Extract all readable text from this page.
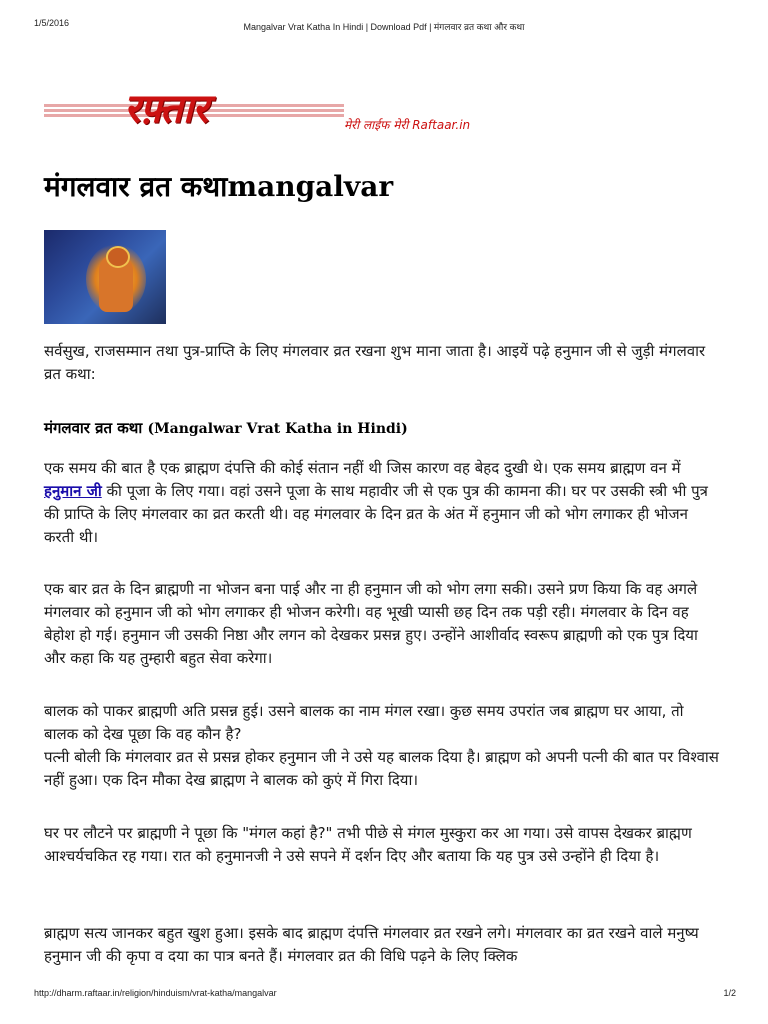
1/5/2016	Mangalvar Vrat Katha In Hindi | Download Pdf | मंगलवार व्रत कथा और कथा
रफ़्तार	मेरी लाईफ मेरी Raftaar.in
मंगलवार व्रत कथाmangalvar

सर्वसुख, राजसम्मान तथा पुत्र-प्राप्ति के लिए मंगलवार व्रत रखना शुभ माना जाता है। आइयें पढ़े हनुमान जी से जुड़ी मंगलवार व्रत कथा:

मंगलवार व्रत कथा (Mangalwar Vrat Katha in Hindi)

एक समय की बात है एक ब्राह्मण दंपत्ति की कोई संतान नहीं थी जिस कारण वह बेहद दुखी थे। एक समय ब्राह्मण वन में हनुमान जी की पूजा के लिए गया। वहां उसने पूजा के साथ महावीर जी से एक पुत्र की कामना की। घर पर उसकी स्त्री भी पुत्र की प्राप्ति के लिए मंगलवार का व्रत करती थी। वह मंगलवार के दिन व्रत के अंत में हनुमान जी को भोग लगाकर ही भोजन करती थी।

एक बार व्रत के दिन ब्राह्मणी ना भोजन बना पाई और ना ही हनुमान जी को भोग लगा सकी। उसने प्रण किया कि वह अगले मंगलवार को हनुमान जी को भोग लगाकर ही भोजन करेगी। वह भूखी प्यासी छह दिन तक पड़ी रही। मंगलवार के दिन वह बेहोश हो गई। हनुमान जी उसकी निष्ठा और लगन को देखकर प्रसन्न हुए। उन्होंने आशीर्वाद स्वरूप ब्राह्मणी को एक पुत्र दिया और कहा कि यह तुम्हारी बहुत सेवा करेगा।

बालक को पाकर ब्राह्मणी अति प्रसन्न हुई। उसने बालक का नाम मंगल रखा। कुछ समय उपरांत जब ब्राह्मण घर आया, तो बालक को देख पूछा कि वह कौन है?

पत्नी बोली कि मंगलवार व्रत से प्रसन्न होकर हनुमान जी ने उसे यह बालक दिया है। ब्राह्मण को अपनी पत्नी की बात पर विश्वास नहीं हुआ। एक दिन मौका देख ब्राह्मण ने बालक को कुएं में गिरा दिया।

घर पर लौटने पर ब्राह्मणी ने पूछा कि "मंगल कहां है?" तभी पीछे से मंगल मुस्कुरा कर आ गया। उसे वापस देखकर ब्राह्मण आश्चर्यचकित रह गया। रात को हनुमानजी ने उसे सपने में दर्शन दिए और बताया कि यह पुत्र उसे उन्होंने ही दिया है।

ब्राह्मण सत्य जानकर बहुत खुश हुआ। इसके बाद ब्राह्मण दंपत्ति मंगलवार व्रत रखने लगे। मंगलवार का व्रत रखने वाले मनुष्य हनुमान जी की कृपा व दया का पात्र बनते हैं। मंगलवार व्रत की विधि पढ़ने के लिए क्लिक

http://dharm.raftaar.in/religion/hinduism/vrat-katha/mangalvar	1/2
